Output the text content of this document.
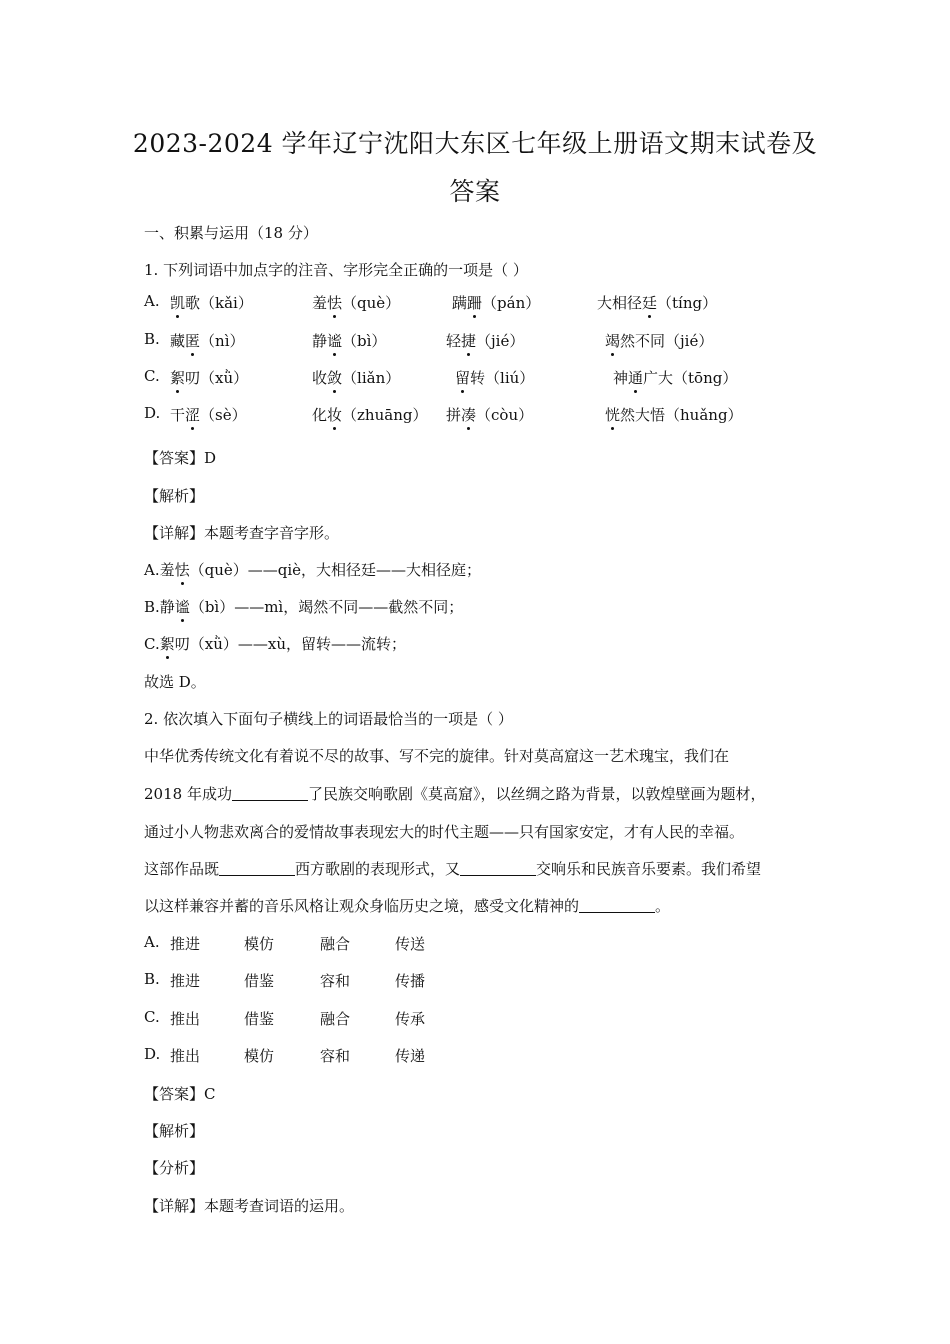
2023-2024 学年辽宁沈阳大东区七年级上册语文期末试卷及
答案
一、积累与运用（18 分）
1. 下列词语中加点字的注音、字形完全正确的一项是（ ）
A. 凯歌（kǎi）	羞怯（què）	蹒跚（pán）	大相径廷（tíng）
B. 藏匿（nì）	静谧（bì）	轻捷（jié）	竭然不同（jié）
C. 絮叨（xǜ）	收敛（liǎn）	留转（liú）	神通广大（tōng）
D. 干涩（sè）	化妆（zhuāng） 拼凑（còu）	恍然大悟（huǎng）
【答案】D
【解析】
【详解】本题考查字音字形。
A.羞怯（què）——qiè，大相径廷——大相径庭；
B.静谧（bì）——mì，竭然不同——截然不同；
C.絮叨（xǜ）——xù，留转——流转；
故选 D。
2. 依次填入下面句子横线上的词语最恰当的一项是（ ）
中华优秀传统文化有着说不尽的故事、写不完的旋律。针对莫高窟这一艺术瑰宝，我们在
2018 年成功	了民族交响歌剧《莫高窟》，以丝绸之路为背景，以敦煌壁画为题材，
通过小人物悲欢离合的爱情故事表现宏大的时代主题——只有国家安定，才有人民的幸福。
这部作品既	西方歌剧的表现形式，又	交响乐和民族音乐要素。我们希望
以这样兼容并蓄的音乐风格让观众身临历史之境，感受文化精神的	。
A. 推进	模仿	融合	传送
B. 推进	借鉴	容和	传播
C. 推出	借鉴	融合	传承
D. 推出	模仿	容和	传递
【答案】C
【解析】
【分析】
【详解】本题考查词语的运用。
